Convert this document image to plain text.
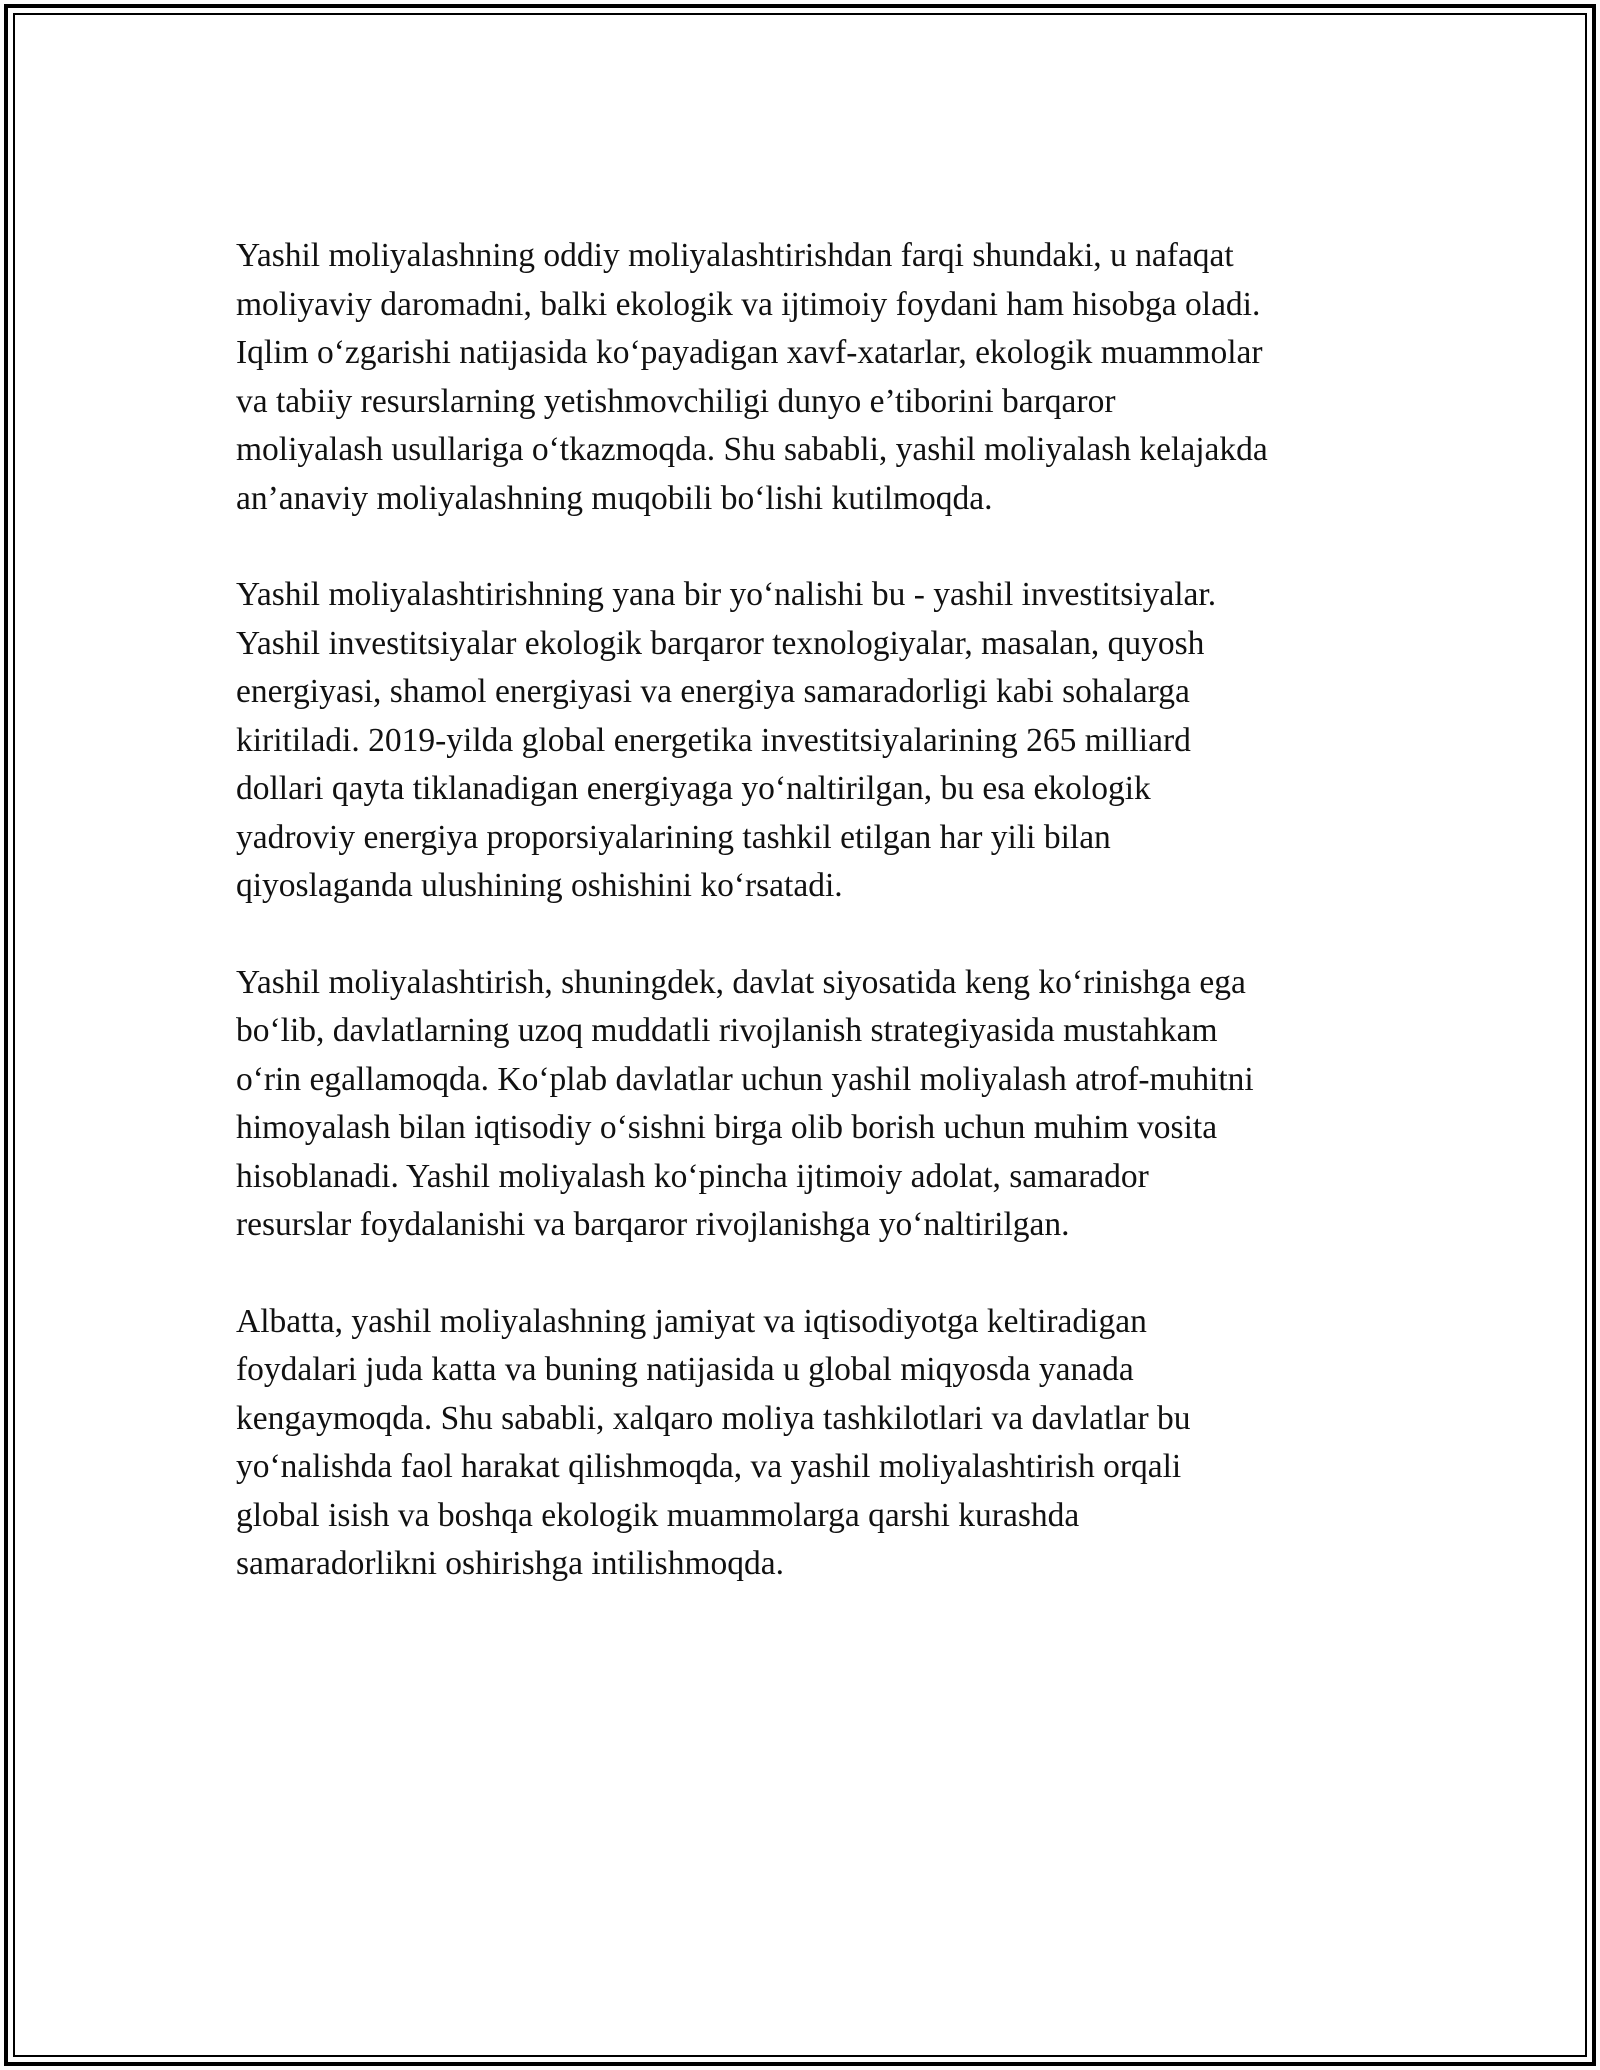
Yashil moliyalashning oddiy moliyalashtirishdan farqi shundaki, u nafaqat
moliyaviy daromadni, balki ekologik va ijtimoiy foydani ham hisobga oladi.
Iqlim o‘zgarishi natijasida ko‘payadigan xavf-xatarlar, ekologik muammolar
va tabiiy resurslarning yetishmovchiligi dunyo e’tiborini barqaror
moliyalash usullariga o‘tkazmoqda. Shu sababli, yashil moliyalash kelajakda
an’anaviy moliyalashning muqobili bo‘lishi kutilmoqda.

Yashil moliyalashtirishning yana bir yo‘nalishi bu - yashil investitsiyalar.
Yashil investitsiyalar ekologik barqaror texnologiyalar, masalan, quyosh
energiyasi, shamol energiyasi va energiya samaradorligi kabi sohalarga
kiritiladi. 2019-yilda global energetika investitsiyalarining 265 milliard
dollari qayta tiklanadigan energiyaga yo‘naltirilgan, bu esa ekologik
yadroviy energiya proporsiyalarining tashkil etilgan har yili bilan
qiyoslaganda ulushining oshishini ko‘rsatadi.

Yashil moliyalashtirish, shuningdek, davlat siyosatida keng ko‘rinishga ega
bo‘lib, davlatlarning uzoq muddatli rivojlanish strategiyasida mustahkam
o‘rin egallamoqda. Ko‘plab davlatlar uchun yashil moliyalash atrof-muhitni
himoyalash bilan iqtisodiy o‘sishni birga olib borish uchun muhim vosita
hisoblanadi. Yashil moliyalash ko‘pincha ijtimoiy adolat, samarador
resurslar foydalanishi va barqaror rivojlanishga yo‘naltirilgan.

Albatta, yashil moliyalashning jamiyat va iqtisodiyotga keltiradigan
foydalari juda katta va buning natijasida u global miqyosda yanada
kengaymoqda. Shu sababli, xalqaro moliya tashkilotlari va davlatlar bu
yo‘nalishda faol harakat qilishmoqda, va yashil moliyalashtirish orqali
global isish va boshqa ekologik muammolarga qarshi kurashda
samaradorlikni oshirishga intilishmoqda.
